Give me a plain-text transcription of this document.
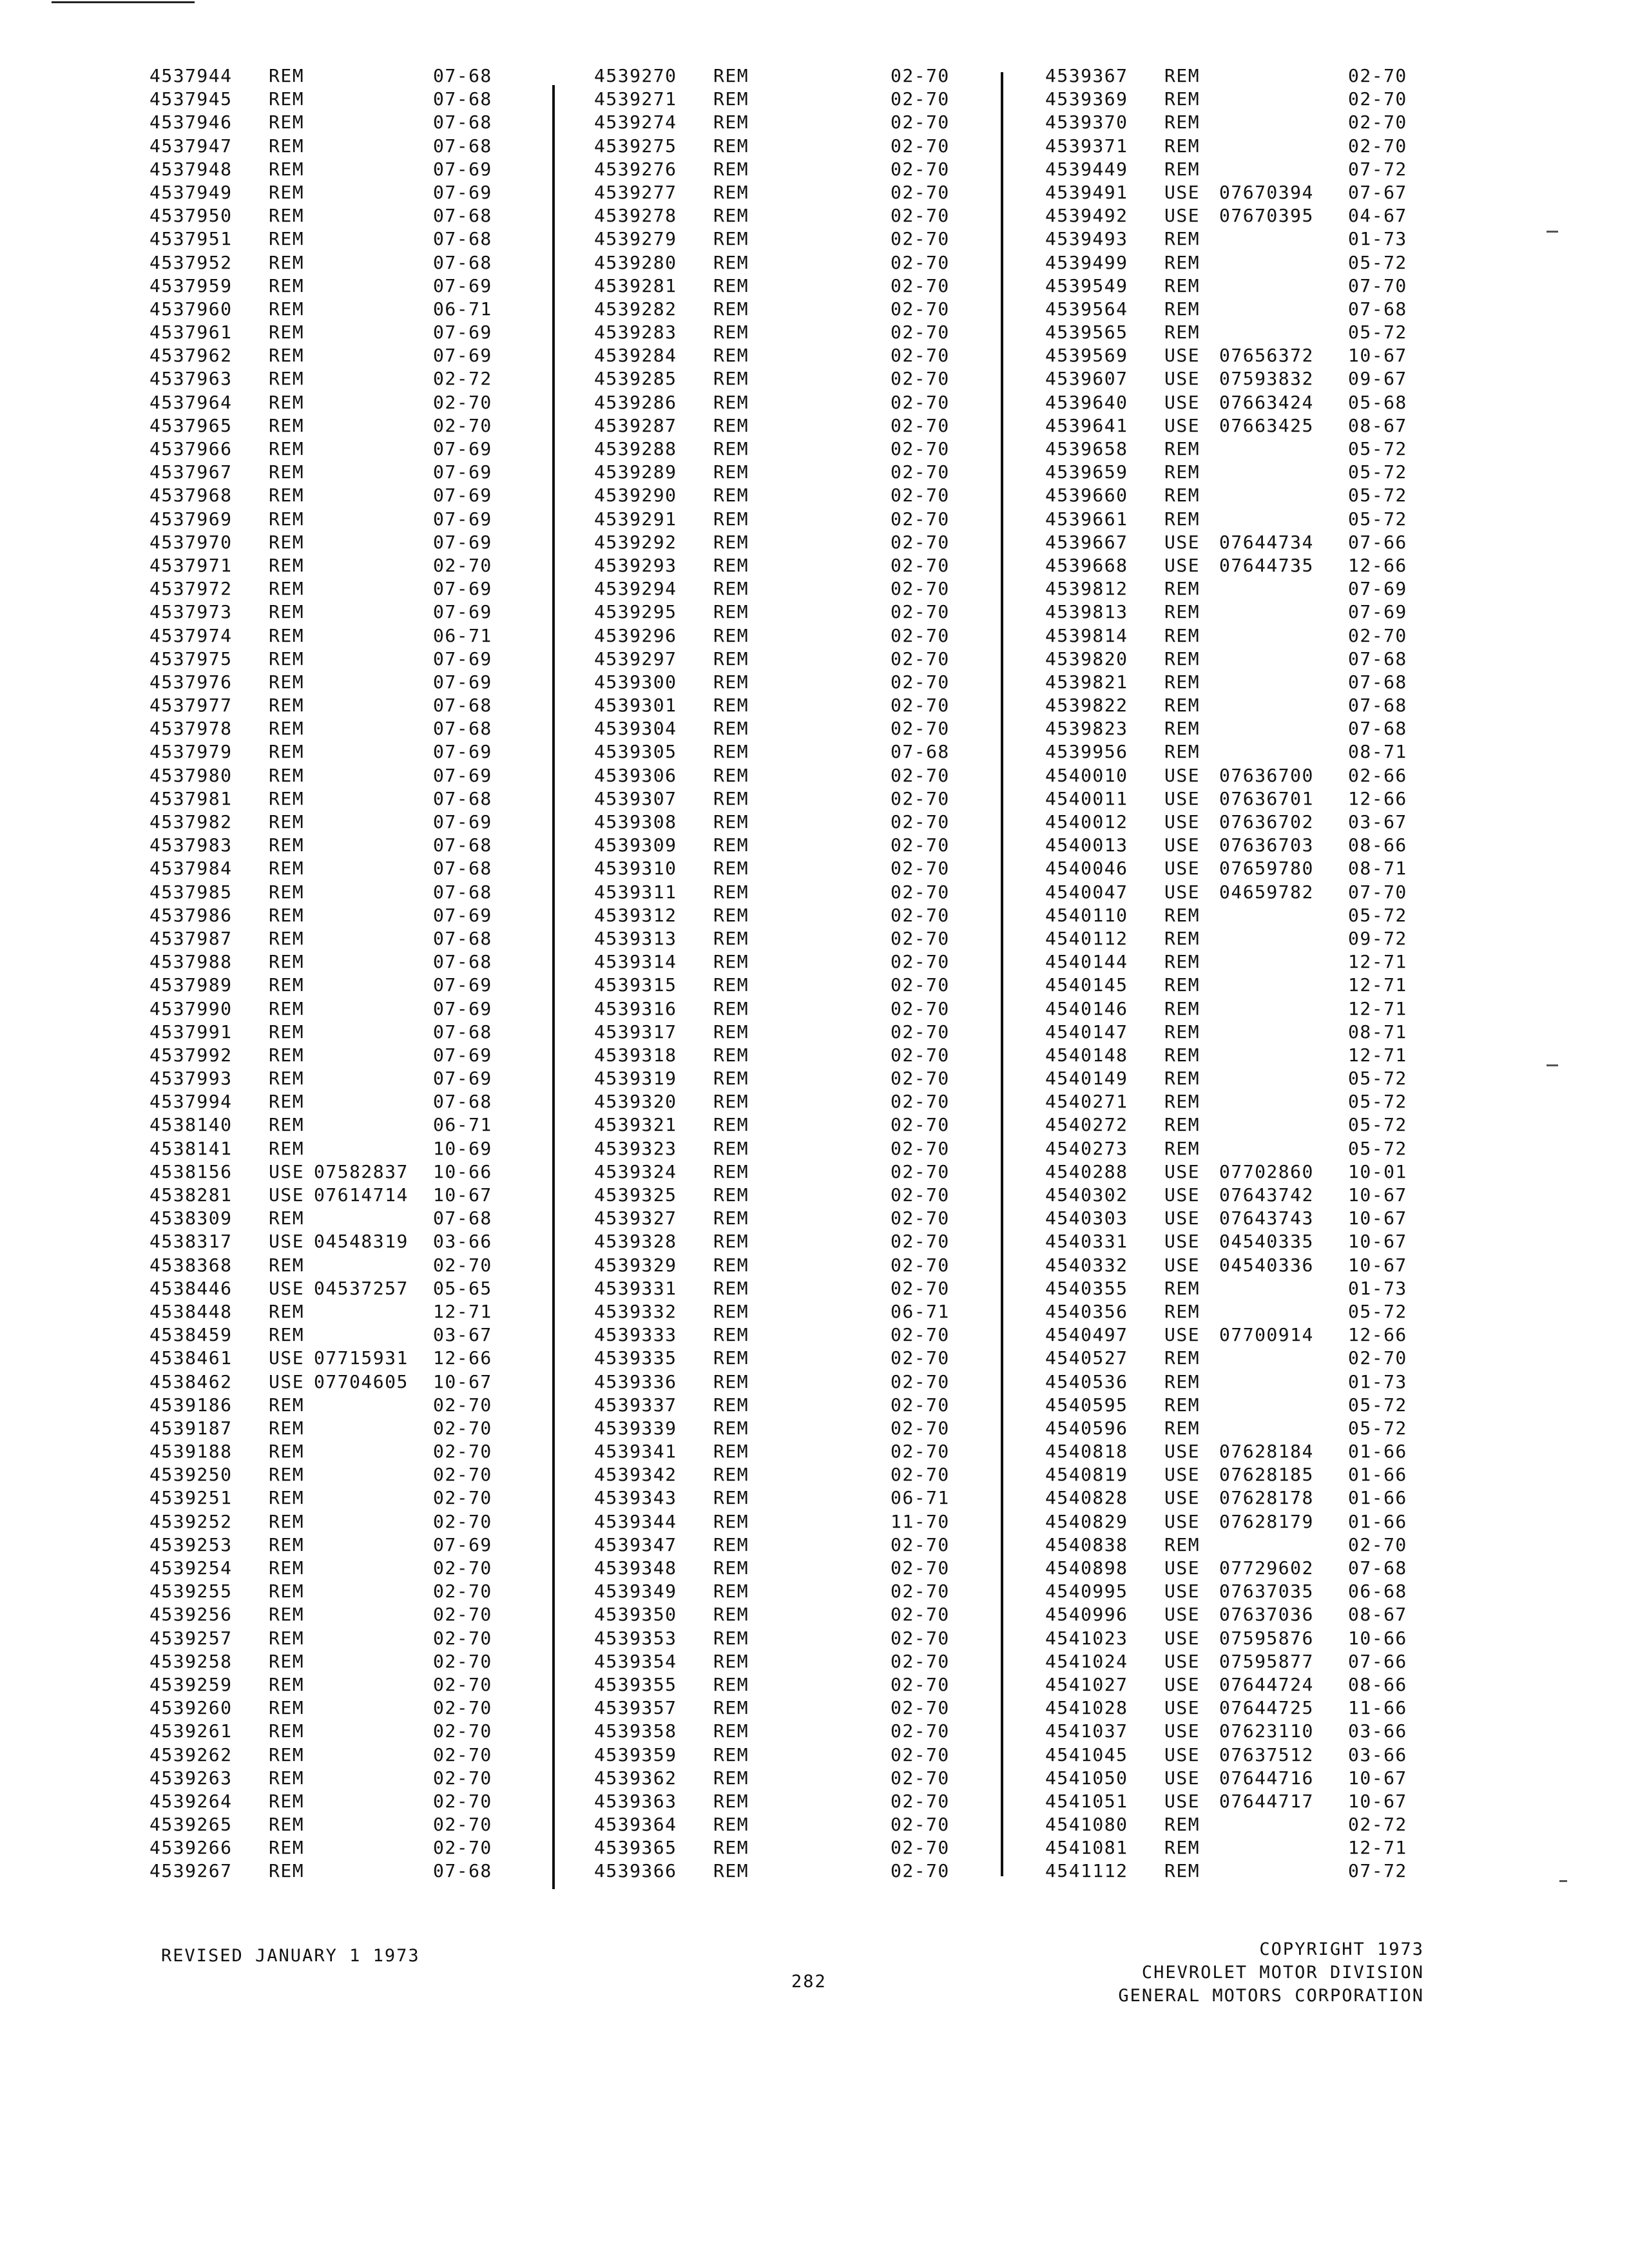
4537944 REM	07-68
4537945 REM	07-68
4537946 REM	07-68
4537947 REM	07-68
4537948 REM	07-69
4537949 REM	07-69
4537950 REM	07-68
4537951 REM	07-68
4537952 REM	07-68
4537959 REM	07-69
4537960 REM	06-71
4537961 REM	07-69
4537962 REM	07-69
4537963 REM	02-72
4537964 REM	02-70
4537965 REM	02-70
4537966 REM	07-69
4537967 REM	07-69
4537968 REM	07-69
4537969 REM	07-69
4537970 REM	07-69
4537971 REM	02-70
4537972 REM	07-69
4537973 REM	07-69
4537974 REM	06-71
4537975 REM	07-69
4537976 REM	07-69
4537977 REM	07-68
4537978 REM	07-68
4537979 REM	07-69
4537980 REM	07-69
4537981 REM	07-68
4537982 REM	07-69
4537983 REM	07-68
4537984 REM	07-68
4537985 REM	07-68
4537986 REM	07-69
4537987 REM	07-68
4537988 REM	07-68
4537989 REM	07-69
4537990 REM	07-69
4537991 REM	07-68
4537992 REM	07-69
4537993 REM	07-69
4537994 REM	07-68
4538140 REM	06-71
4538141 REM	10-69
4538156 USE 07582837 10-66
4538281 USE 07614714 10-67
4538309 REM	07-68
4538317 USE 04548319 03-66
4538368 REM	02-70
4538446 USE 04537257 05-65
4538448 REM	12-71
4538459 REM	03-67
4538461 USE 07715931 12-66
4538462 USE 07704605 10-67
4539186 REM	02-70
4539187 REM	02-70
4539188 REM	02-70
4539250 REM	02-70
4539251 REM	02-70
4539252 REM	02-70
4539253 REM	07-69
4539254 REM	02-70
4539255 REM	02-70
4539256 REM	02-70
4539257 REM	02-70
4539258 REM	02-70
4539259 REM	02-70
4539260 REM	02-70
4539261 REM	02-70
4539262 REM	02-70
4539263 REM	02-70
4539264 REM	02-70
4539265 REM	02-70
4539266 REM	02-70
4539267 REM	07-68
4539270 REM	02-70
4539271 REM	02-70
4539274 REM	02-70
4539275 REM	02-70
4539276 REM	02-70
4539277 REM	02-70
4539278 REM	02-70
4539279 REM	02-70
4539280 REM	02-70
4539281 REM	02-70
4539282 REM	02-70
4539283 REM	02-70
4539284 REM	02-70
4539285 REM	02-70
4539286 REM	02-70
4539287 REM	02-70
4539288 REM	02-70
4539289 REM	02-70
4539290 REM	02-70
4539291 REM	02-70
4539292 REM	02-70
4539293 REM	02-70
4539294 REM	02-70
4539295 REM	02-70
4539296 REM	02-70
4539297 REM	02-70
4539300 REM	02-70
4539301 REM	02-70
4539304 REM	02-70
4539305 REM	07-68
4539306 REM	02-70
4539307 REM	02-70
4539308 REM	02-70
4539309 REM	02-70
4539310 REM	02-70
4539311 REM	02-70
4539312 REM	02-70
4539313 REM	02-70
4539314 REM	02-70
4539315 REM	02-70
4539316 REM	02-70
4539317 REM	02-70
4539318 REM	02-70
4539319 REM	02-70
4539320 REM	02-70
4539321 REM	02-70
4539323 REM	02-70
4539324 REM	02-70
4539325 REM	02-70
4539327 REM	02-70
4539328 REM	02-70
4539329 REM	02-70
4539331 REM	02-70
4539332 REM	06-71
4539333 REM	02-70
4539335 REM	02-70
4539336 REM	02-70
4539337 REM	02-70
4539339 REM	02-70
4539341 REM	02-70
4539342 REM	02-70
4539343 REM	06-71
4539344 REM	11-70
4539347 REM	02-70
4539348 REM	02-70
4539349 REM	02-70
4539350 REM	02-70
4539353 REM	02-70
4539354 REM	02-70
4539355 REM	02-70
4539357 REM	02-70
4539358 REM	02-70
4539359 REM	02-70
4539362 REM	02-70
4539363 REM	02-70
4539364 REM	02-70
4539365 REM	02-70
4539366 REM	02-70
4539367 REM	02-70
4539369 REM	02-70
4539370 REM	02-70
4539371 REM	02-70
4539449 REM	07-72
4539491 USE 07670394 07-67
4539492 USE 07670395 04-67
4539493 REM	01-73
4539499 REM	05-72
4539549 REM	07-70
4539564 REM	07-68
4539565 REM	05-72
4539569 USE 07656372 10-67
4539607 USE 07593832 09-67
4539640 USE 07663424 05-68
4539641 USE 07663425 08-67
4539658 REM	05-72
4539659 REM	05-72
4539660 REM	05-72
4539661 REM	05-72
4539667 USE 07644734 07-66
4539668 USE 07644735 12-66
4539812 REM	07-69
4539813 REM	07-69
4539814 REM	02-70
4539820 REM	07-68
4539821 REM	07-68
4539822 REM	07-68
4539823 REM	07-68
4539956 REM	08-71
4540010 USE 07636700 02-66
4540011 USE 07636701 12-66
4540012 USE 07636702 03-67
4540013 USE 07636703 08-66
4540046 USE 07659780 08-71
4540047 USE 04659782 07-70
4540110 REM	05-72
4540112 REM	09-72
4540144 REM	12-71
4540145 REM	12-71
4540146 REM	12-71
4540147 REM	08-71
4540148 REM	12-71
4540149 REM	05-72
4540271 REM	05-72
4540272 REM	05-72
4540273 REM	05-72
4540288 USE 07702860 10-01
4540302 USE 07643742 10-67
4540303 USE 07643743 10-67
4540331 USE 04540335 10-67
4540332 USE 04540336 10-67
4540355 REM	01-73
4540356 REM	05-72
4540497 USE 07700914 12-66
4540527 REM	02-70
4540536 REM	01-73
4540595 REM	05-72
4540596 REM	05-72
4540818 USE 07628184 01-66
4540819 USE 07628185 01-66
4540828 USE 07628178 01-66
4540829 USE 07628179 01-66
4540838 REM	02-70
4540898 USE 07729602 07-68
4540995 USE 07637035 06-68
4540996 USE 07637036 08-67
4541023 USE 07595876 10-66
4541024 USE 07595877 07-66
4541027 USE 07644724 08-66
4541028 USE 07644725 11-66
4541037 USE 07623110 03-66
4541045 USE 07637512 03-66
4541050 USE 07644716 10-67
4541051 USE 07644717 10-67
4541080 REM	02-72
4541081 REM	12-71
4541112 REM	07-72
REVISED JANUARY 1 1973
282
COPYRIGHT 1973
CHEVROLET MOTOR DIVISION
GENERAL MOTORS CORPORATION
